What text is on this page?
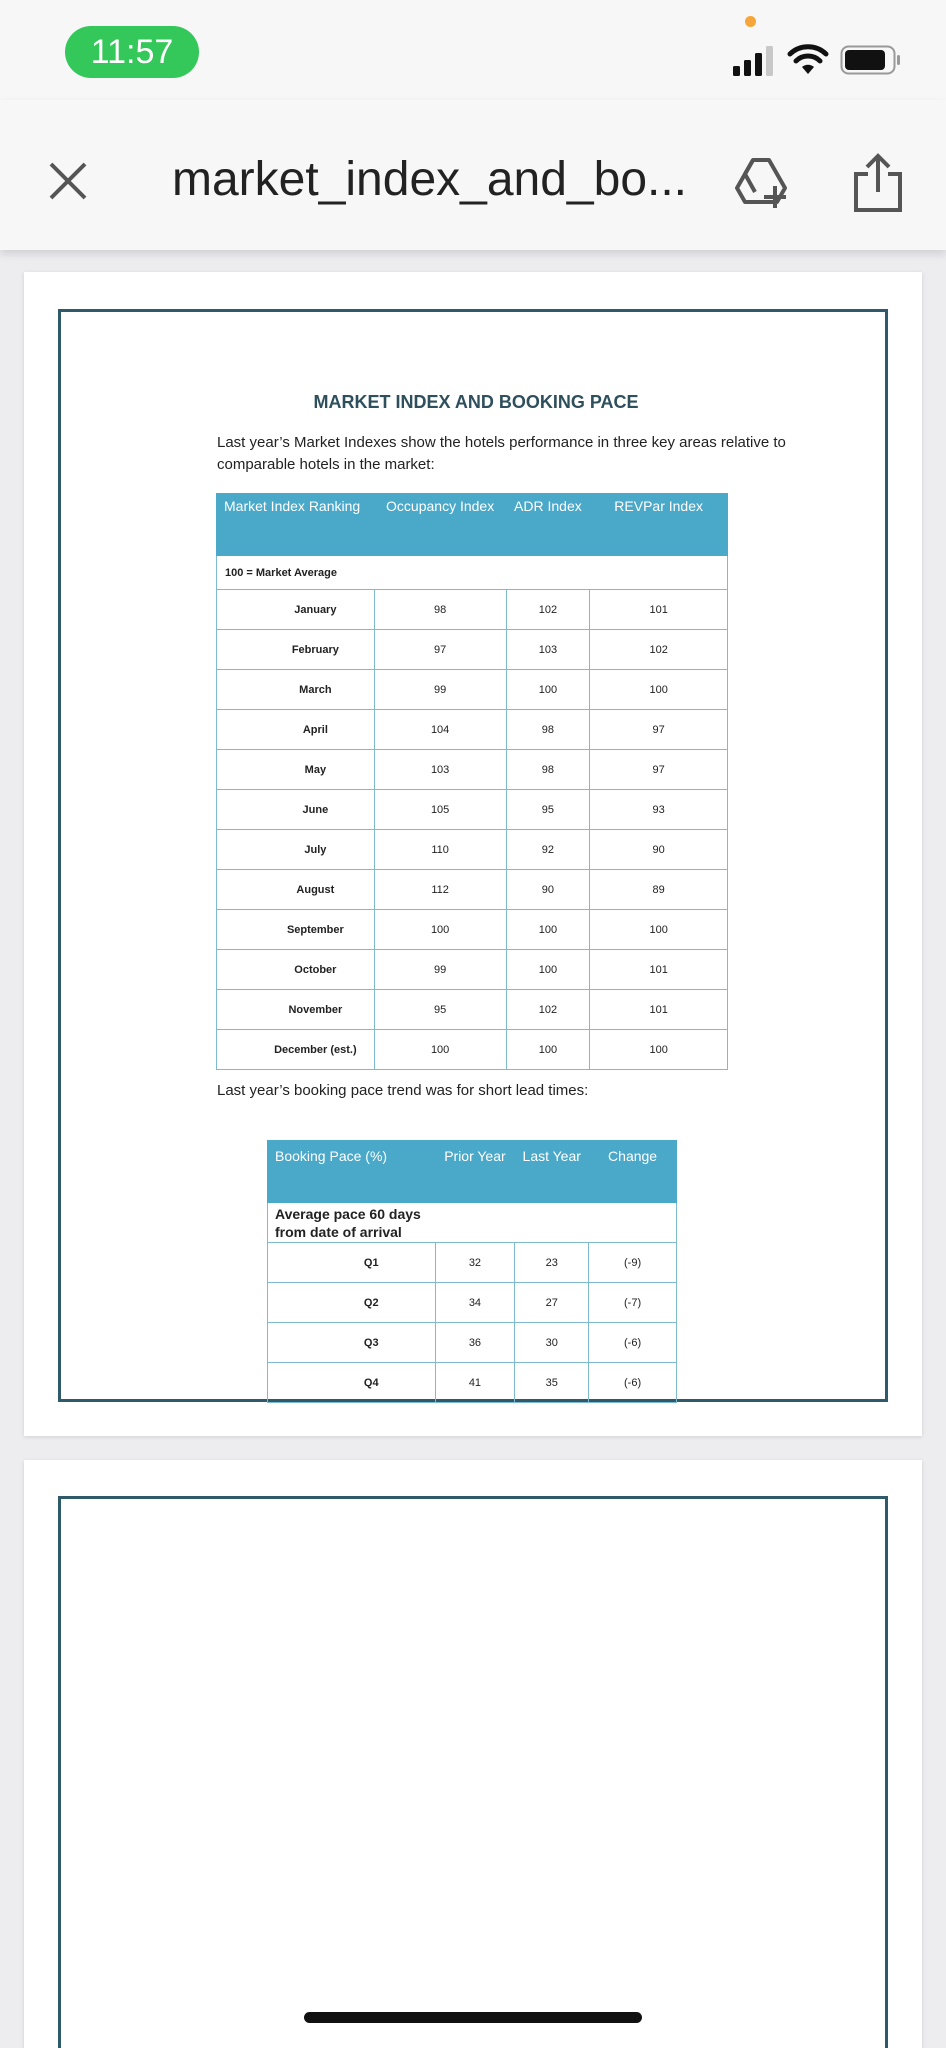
11:57
market_index_and_bo...
MARKET INDEX AND BOOKING PACE
Last year’s Market Indexes show the hotels performance in three key areas relative to comparable hotels in the market:
Market Index Ranking	Occupancy Index	ADR Index	REVPar Index
100 = Market Average			
January	98	102	101
February	97	103	102
March	99	100	100
April	104	98	97
May	103	98	97
June	105	95	93
July	110	92	90
August	112	90	89
September	100	100	100
October	99	100	101
November	95	102	101
December (est.)	100	100	100
Last year’s booking pace trend was for short lead times:
Booking Pace (%)	Prior Year	Last Year	Change

Average pace 60 days from date of arrival			

Q1	32	23	(-9)
Q2	34	27	(-7)
Q3	36	30	(-6)
Q4	41	35	(-6)
